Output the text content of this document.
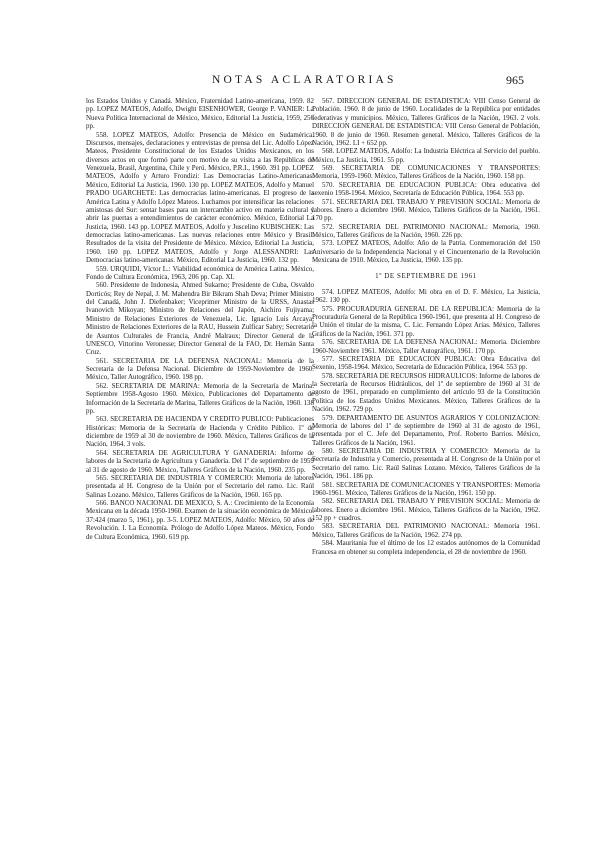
NOTAS ACLARATORIAS	965

los Estados Unidos y Canadá. México, Fraternidad Latino-americana, 1959. 82 pp. LOPEZ MATEOS, Adolfo, Dwight EISENHOWER, George P. VANIER: La Nueva Política Internacional de México, México, Editorial La Justicia, 1959, 256 pp.

558. LOPEZ MATEOS, Adolfo: Presencia de México en Sudamérica. Discursos, mensajes, declaraciones y entrevistas de prensa del Lic. Adolfo López Mateos, Presidente Constitucional de los Estados Unidos Mexicanos, en los diversos actos en que formó parte con motivo de su visita a las Repúblicas de Venezuela, Brasil, Argentina, Chile y Perú. México, P.R.I., 1960. 391 pp. LOPEZ MATEOS, Adolfo y Arturo Frondizi: Las Democracias Latino-Americanas. México, Editorial La Justicia, 1960. 130 pp. LOPEZ MATEOS, Adolfo y Manuel PRADO UGARCHETE: Las democracias latino-americanas. El progreso de la América Latina y Adolfo López Mateos. Luchamos por intensificar las relaciones amistosas del Sur: sentar bases para un intercambio activo en materia cultural y abrir las puertas a entendimientos de carácter económico. México, Editorial La Justicia, 1960. 143 pp. LOPEZ MATEOS, Adolfo y Juscelino KUBISCHEK: Las democracias latino-americanas. Las nuevas relaciones entre México y Brasil. Resultados de la visita del Presidente de México. México, Editorial La Justicia, 1960. 160 pp. LOPEZ MATEOS, Adolfo y Jorge ALESSANDRI: Las Democracias latino-americanas. México, Editorial La Justicia, 1960. 132 pp.

559. URQUIDI, Víctor L.: Viabilidad económica de América Latina. México, Fondo de Cultura Económica, 1963, 206 pp. Cap. XI.

560. Presidente de Indonesia, Ahmed Sukarno; Presidente de Cuba, Osvaldo Dorticós; Rey de Nepal, J. M. Mahendra Bir Bikram Shah Deva; Primer Ministro del Canadá, John J. Diefenbaker; Viceprimer Ministro de la URSS, Anastas Ivanovich Mikoyan; Ministro de Relaciones del Japón, Aichiro Fujiyama; Ministro de Relaciones Exteriores de Venezuela, Lic. Ignacio Luis Arcaya; Ministro de Relaciones Exteriores de la RAU, Hussein Zulficar Sabry; Secretario de Asuntos Culturales de Francia, André Malraux; Director General de la UNESCO, Vittorino Veronesse; Director General de la FAO, Dr. Hernán Santa Cruz.

561. SECRETARIA DE LA DEFENSA NACIONAL: Memoria de la Secretaría de la Defensa Nacional. Diciembre de 1959-Noviembre de 1960. México, Taller Autográfico, 1960. 198 pp.

562. SECRETARIA DE MARINA: Memoria de la Secretaría de Marina. Septiembre 1958-Agosto 1960. México, Publicaciones del Departamento de Información de la Secretaría de Marina, Talleres Gráficos de la Nación, 1960. 138 pp.

563. SECRETARIA DE HACIENDA Y CREDITO PUBLICO: Publicaciones Históricas: Memoria de la Secretaría de Hacienda y Crédito Público. 1º de diciembre de 1959 al 30 de noviembre de 1960. México, Talleres Gráficos de la Nación, 1964. 3 vols.

564. SECRETARIA DE AGRICULTURA Y GANADERIA: Informe de labores de la Secretaría de Agricultura y Ganadería. Del 1º de septiembre de 1959 al 31 de agosto de 1960. México, Talleres Gráficos de la Nación, 1960. 235 pp.

565. SECRETARIA DE INDUSTRIA Y COMERCIO: Memoria de labores presentada al H. Congreso de la Unión por el Secretario del ramo. Lic. Raúl Salinas Lozano. México, Talleres Gráficos de la Nación, 1960. 165 pp.

566. BANCO NACIONAL DE MEXICO, S. A.: Crecimiento de la Economía Mexicana en la década 1950-1960. Examen de la situación económica de México. 37:424 (marzo 5, 1961), pp. 3-5. LOPEZ MATEOS, Adolfo: México, 50 años de Revolución. I. La Economía. Prólogo de Adolfo López Mateos. México, Fondo de Cultura Económica, 1960. 619 pp.

567. DIRECCION GENERAL DE ESTADISTICA: VIII Censo General de Población. 1960. 8 de junio de 1960. Localidades de la República por entidades federativas y municipios. México, Talleres Gráficos de la Nación, 1963. 2 vols. DIRECCION GENERAL DE ESTADISTICA: VIII Censo General de Población, 1960. 8 de junio de 1960. Resumen general. México, Talleres Gráficos de la Nación, 1962. LI + 652 pp.

568. LOPEZ MATEOS, Adolfo: La Industria Eléctrica al Servicio del pueblo. México, La Justicia, 1961. 55 pp.

569. SECRETARIA DE COMUNICACIONES Y TRANSPORTES: Memoria, 1959-1960. México, Talleres Gráficos de la Nación, 1960. 158 pp.

570. SECRETARIA DE EDUCACION PUBLICA: Obra educativa del sexenio 1958-1964. México, Secretaría de Educación Pública, 1964. 553 pp.

571. SECRETARIA DEL TRABAJO Y PREVISION SOCIAL: Memoria de labores. Enero a diciembre 1960. México, Talleres Gráficos de la Nación, 1961. 170 pp.

572. SECRETARIA DEL PATRIMONIO NACIONAL: Memoria, 1960. México, Talleres Gráficos de la Nación, 1960. 226 pp.

573. LOPEZ MATEOS, Adolfo: Año de la Patria. Conmemoración del 150 Aniversario de la Independencia Nacional y el Cincuentenario de la Revolución Mexicana de 1910. México, La Justicia, 1960. 135 pp.

1º DE SEPTIEMBRE DE 1961

574. LOPEZ MATEOS, Adolfo: Mi obra en el D. F. México, La Justicia, 1962. 130 pp.

575. PROCURADURIA GENERAL DE LA REPUBLICA: Memoria de la Procuraduría General de la República 1960-1961, que presenta al H. Congreso de la Unión el titular de la misma, C. Lic. Fernando López Arias. México, Talleres Gráficos de la Nación, 1961. 371 pp.

576. SECRETARIA DE LA DEFENSA NACIONAL: Memoria. Diciembre 1960-Noviembre 1961. México, Taller Autográfico, 1961. 170 pp.

577. SECRETARIA DE EDUCACION PUBLICA: Obra Educativa del Sexenio, 1958-1964. México, Secretaría de Educación Pública, 1964. 553 pp.

578. SECRETARIA DE RECURSOS HIDRAULICOS: Informe de labores de la Secretaría de Recursos Hidráulicos, del 1º de septiembre de 1960 al 31 de agosto de 1961, preparado en cumplimiento del artículo 93 de la Constitución Política de los Estados Unidos Mexicanos. México, Talleres Gráficos de la Nación, 1962. 729 pp.

579. DEPARTAMENTO DE ASUNTOS AGRARIOS Y COLONIZACION: Memoria de labores del 1º de septiembre de 1960 al 31 de agosto de 1961, presentada por el C. Jefe del Departamento, Prof. Roberto Barrios. México, Talleres Gráficos de la Nación, 1961.

580. SECRETARIA DE INDUSTRIA Y COMERCIO: Memoria de la Secretaría de Industria y Comercio, presentada al H. Congreso de la Unión por el Secretario del ramo. Lic. Raúl Salinas Lozano. México, Talleres Gráficos de la Nación, 1961. 186 pp.

581. SECRETARIA DE COMUNICACIONES Y TRANSPORTES: Memoria 1960-1961. México, Talleres Gráficos de la Nación, 1961. 150 pp.

582. SECRETARIA DEL TRABAJO Y PREVISION SOCIAL: Memoria de labores. Enero a diciembre 1961. México, Talleres Gráficos de la Nación, 1962. 152 pp + cuadros.

583. SECRETARIA DEL PATRIMONIO NACIONAL: Memoria 1961. México, Talleres Gráficos de la Nación, 1962. 274 pp.

584. Mauritania fue el último de los 12 estados autónomos de la Comunidad Francesa en obtener su completa independencia, el 28 de noviembre de 1960.
